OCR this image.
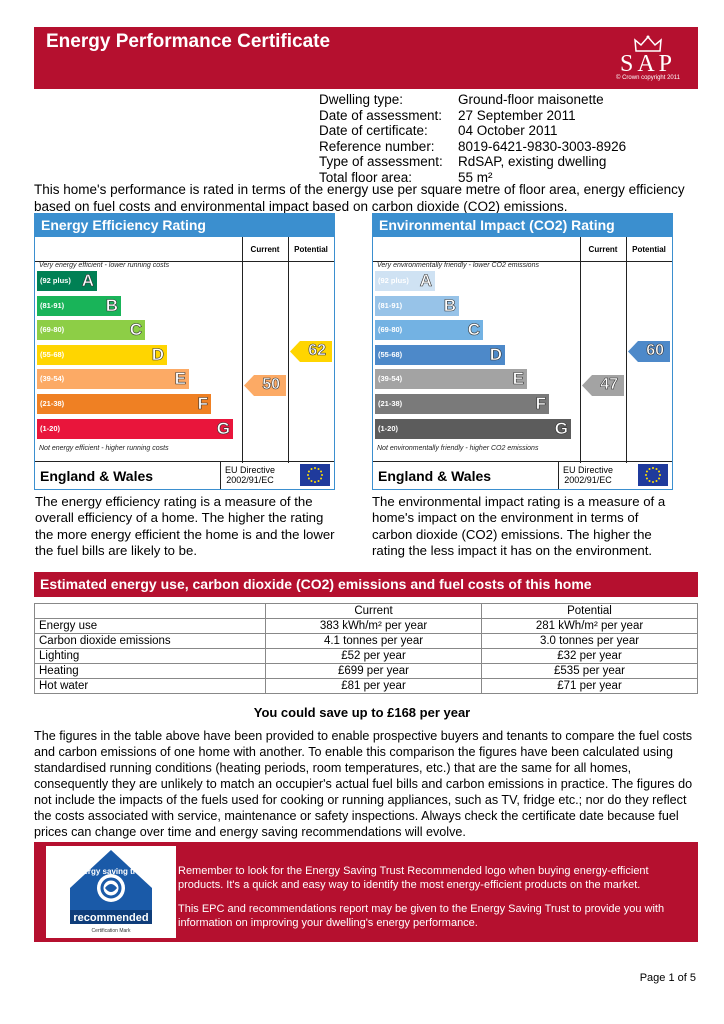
Energy Performance Certificate
SAP
© Crown copyright 2011
Dwelling type:	Ground-floor maisonette
Date of assessment:	27 September 2011
Date of certificate:	04 October 2011
Reference number:	8019-6421-9830-3003-8926
Type of assessment:	RdSAP, existing dwelling
Total floor area:	55 m²
This home's performance is rated in terms of the energy use per square metre of floor area, energy efficiency based on fuel costs and environmental impact based on carbon dioxide (CO2) emissions.
Energy Efficiency Rating
Current	Potential
Very energy efficient - lower running costs
Not energy efficient - higher running costs
(92 plus) A
(81-91) B
(69-80)	C
(55-68)	D
(39-54)	E
(21-38)	F
(1-20)	G
50
62
England & Wales	EU Directive
2002/91/EC
Environmental Impact (CO2) Rating
Current	Potential
Very environmentally friendly - lower CO2 emissions
Not environmentally friendly - higher CO2 emissions
(92 plus) A
(81-91) B
(69-80)	C
(55-68)	D
(39-54)	E
(21-38)	F
(1-20)	G
47
60
England & Wales	EU Directive
2002/91/EC
The energy efficiency rating is a measure of the overall efficiency of a home. The higher the rating the more energy efficient the home is and the lower the fuel bills are likely to be.
The environmental impact rating is a measure of a home's impact on the environment in terms of carbon dioxide (CO2) emissions. The higher the rating the less impact it has on the environment.
Estimated energy use, carbon dioxide (CO2) emissions and fuel costs of this home
	Current	Potential
Energy use	383 kWh/m² per year	281 kWh/m² per year
Carbon dioxide emissions	4.1 tonnes per year	3.0 tonnes per year
Lighting	£52 per year	£32 per year
Heating	£699 per year	£535 per year
Hot water	£81 per year	£71 per year
You could save up to £168 per year
The figures in the table above have been provided to enable prospective buyers and tenants to compare the fuel costs and carbon emissions of one home with another. To enable this comparison the figures have been calculated using standardised running conditions (heating periods, room temperatures, etc.) that are the same for all homes, consequently they are unlikely to match an occupier's actual fuel bills and carbon emissions in practice. The figures do not include the impacts of the fuels used for cooking or running appliances, such as TV, fridge etc.; nor do they reflect the costs associated with service, maintenance or safety inspections. Always check the certificate date because fuel prices can change over time and energy saving recommendations will evolve.
Certification Mark
energy saving trust
recommended

Remember to look for the Energy Saving Trust Recommended logo when buying energy-efficient products. It's a quick and easy way to identify the most energy-efficient products on the market.

This EPC and recommendations report may be given to the Energy Saving Trust to provide you with information on improving your dwelling's energy performance.

Page 1 of 5
